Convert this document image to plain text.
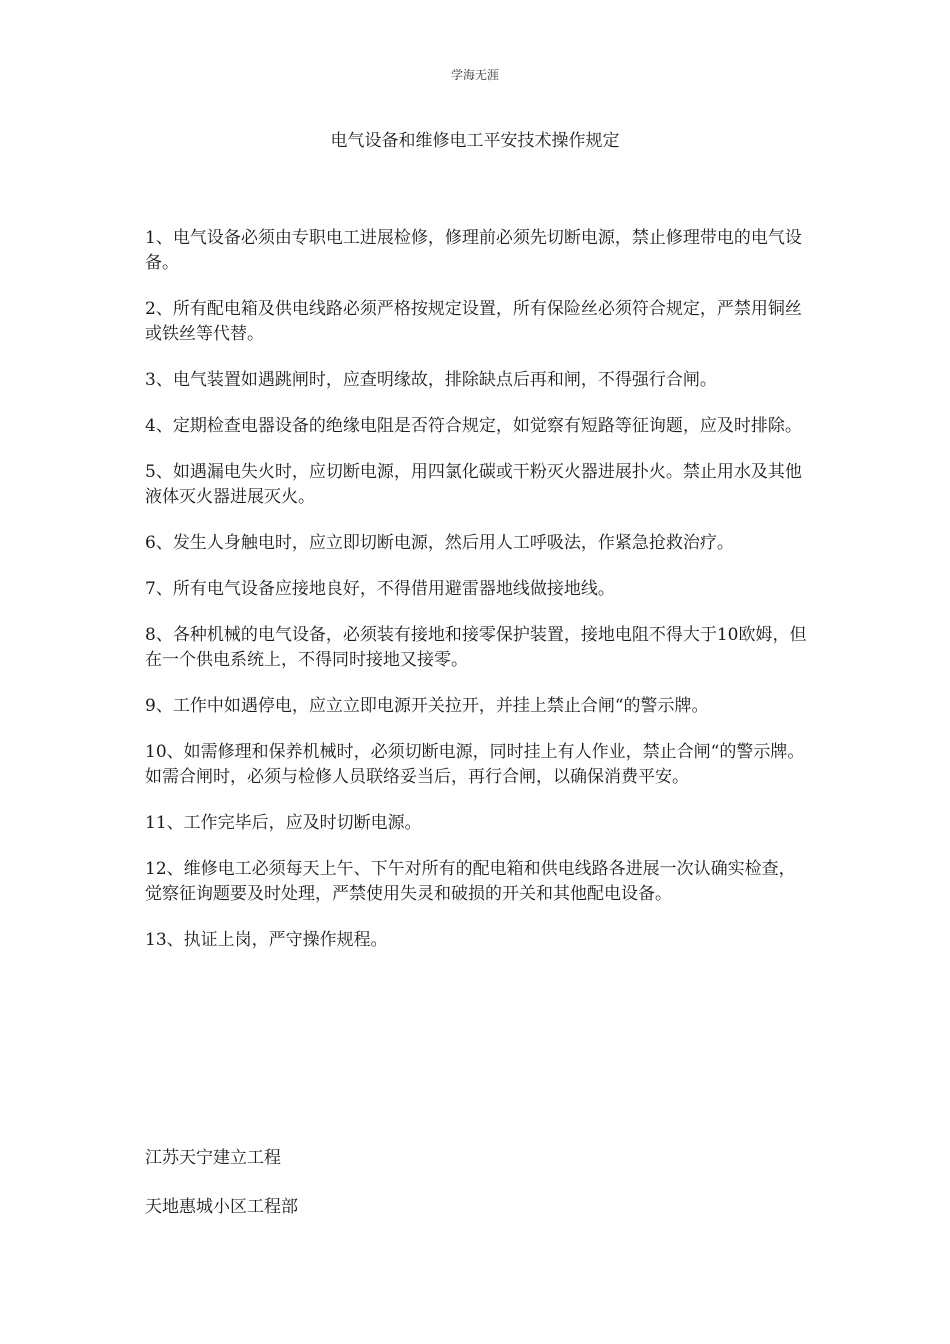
学海无涯
电气设备和维修电工平安技术操作规定

1、电气设备必须由专职电工进展检修，修理前必须先切断电源，禁止修理带电的电气设备。

2、所有配电箱及供电线路必须严格按规定设置，所有保险丝必须符合规定，严禁用铜丝或铁丝等代替。

3、电气装置如遇跳闸时，应查明缘故，排除缺点后再和闸，不得强行合闸。

4、定期检查电器设备的绝缘电阻是否符合规定，如觉察有短路等征询题，应及时排除。

5、如遇漏电失火时，应切断电源，用四氯化碳或干粉灭火器进展扑火。禁止用水及其他液体灭火器进展灭火。

6、发生人身触电时，应立即切断电源，然后用人工呼吸法，作紧急抢救治疗。

7、所有电气设备应接地良好，不得借用避雷器地线做接地线。

8、各种机械的电气设备，必须装有接地和接零保护装置，接地电阻不得大于10欧姆，但在一个供电系统上，不得同时接地又接零。

9、工作中如遇停电，应立立即电源开关拉开，并挂上禁止合闸“的警示牌。

10、如需修理和保养机械时，必须切断电源，同时挂上有人作业，禁止合闸“的警示牌。如需合闸时，必须与检修人员联络妥当后，再行合闸，以确保消费平安。

11、工作完毕后，应及时切断电源。

12、维修电工必须每天上午、下午对所有的配电箱和供电线路各进展一次认确实检查，觉察征询题要及时处理，严禁使用失灵和破损的开关和其他配电设备。

13、执证上岗，严守操作规程。

江苏天宁建立工程
天地惠城小区工程部
